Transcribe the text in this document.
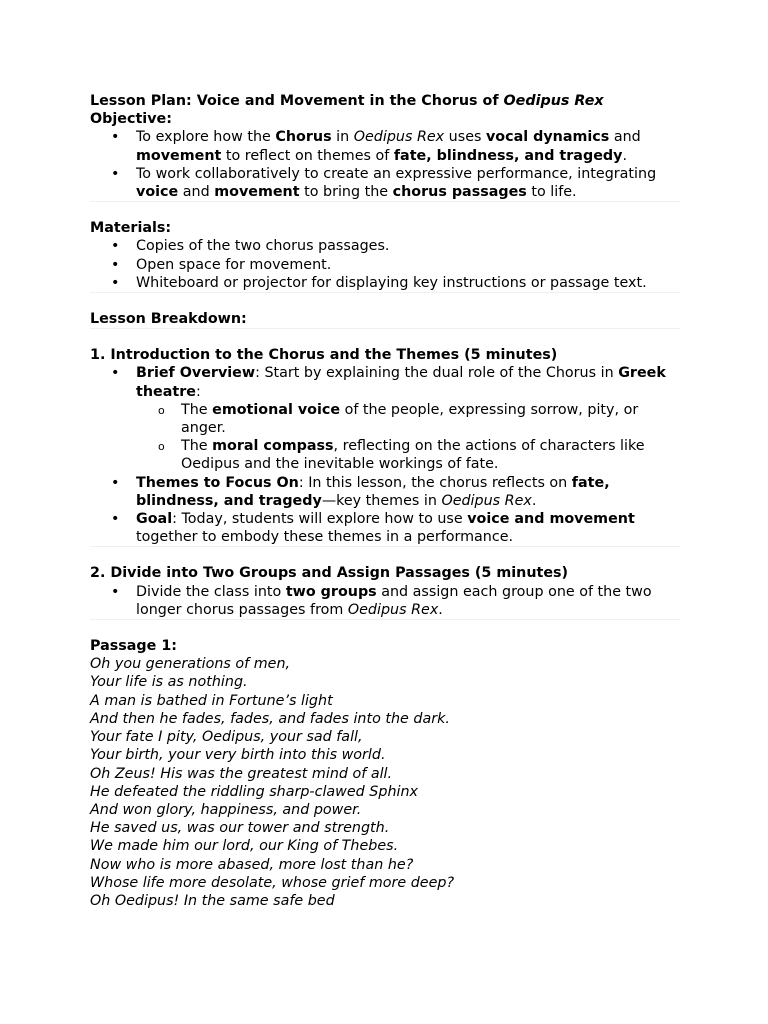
Lesson Plan: Voice and Movement in the Chorus of Oedipus Rex

Objective:

• To explore how the Chorus in Oedipus Rex uses vocal dynamics and movement to reflect on themes of fate, blindness, and tragedy.
• To work collaboratively to create an expressive performance, integrating voice and movement to bring the chorus passages to life.

Materials:

• Copies of the two chorus passages.
• Open space for movement.
• Whiteboard or projector for displaying key instructions or passage text.

Lesson Breakdown:

1. Introduction to the Chorus and the Themes (5 minutes)

• Brief Overview: Start by explaining the dual role of the Chorus in Greek theatre:
o The emotional voice of the people, expressing sorrow, pity, or anger.
o The moral compass, reflecting on the actions of characters like Oedipus and the inevitable workings of fate.
• Themes to Focus On: In this lesson, the chorus reflects on fate, blindness, and tragedy—key themes in Oedipus Rex.
• Goal: Today, students will explore how to use voice and movement together to embody these themes in a performance.

2. Divide into Two Groups and Assign Passages (5 minutes)

• Divide the class into two groups and assign each group one of the two longer chorus passages from Oedipus Rex.

Passage 1:

Oh you generations of men,

Your life is as nothing.

A man is bathed in Fortune’s light

And then he fades, fades, and fades into the dark.

Your fate I pity, Oedipus, your sad fall,

Your birth, your very birth into this world.

Oh Zeus! His was the greatest mind of all.

He defeated the riddling sharp-clawed Sphinx

And won glory, happiness, and power.

He saved us, was our tower and strength.

We made him our lord, our King of Thebes.

Now who is more abased, more lost than he?

Whose life more desolate, whose grief more deep?

Oh Oedipus! In the same safe bed
